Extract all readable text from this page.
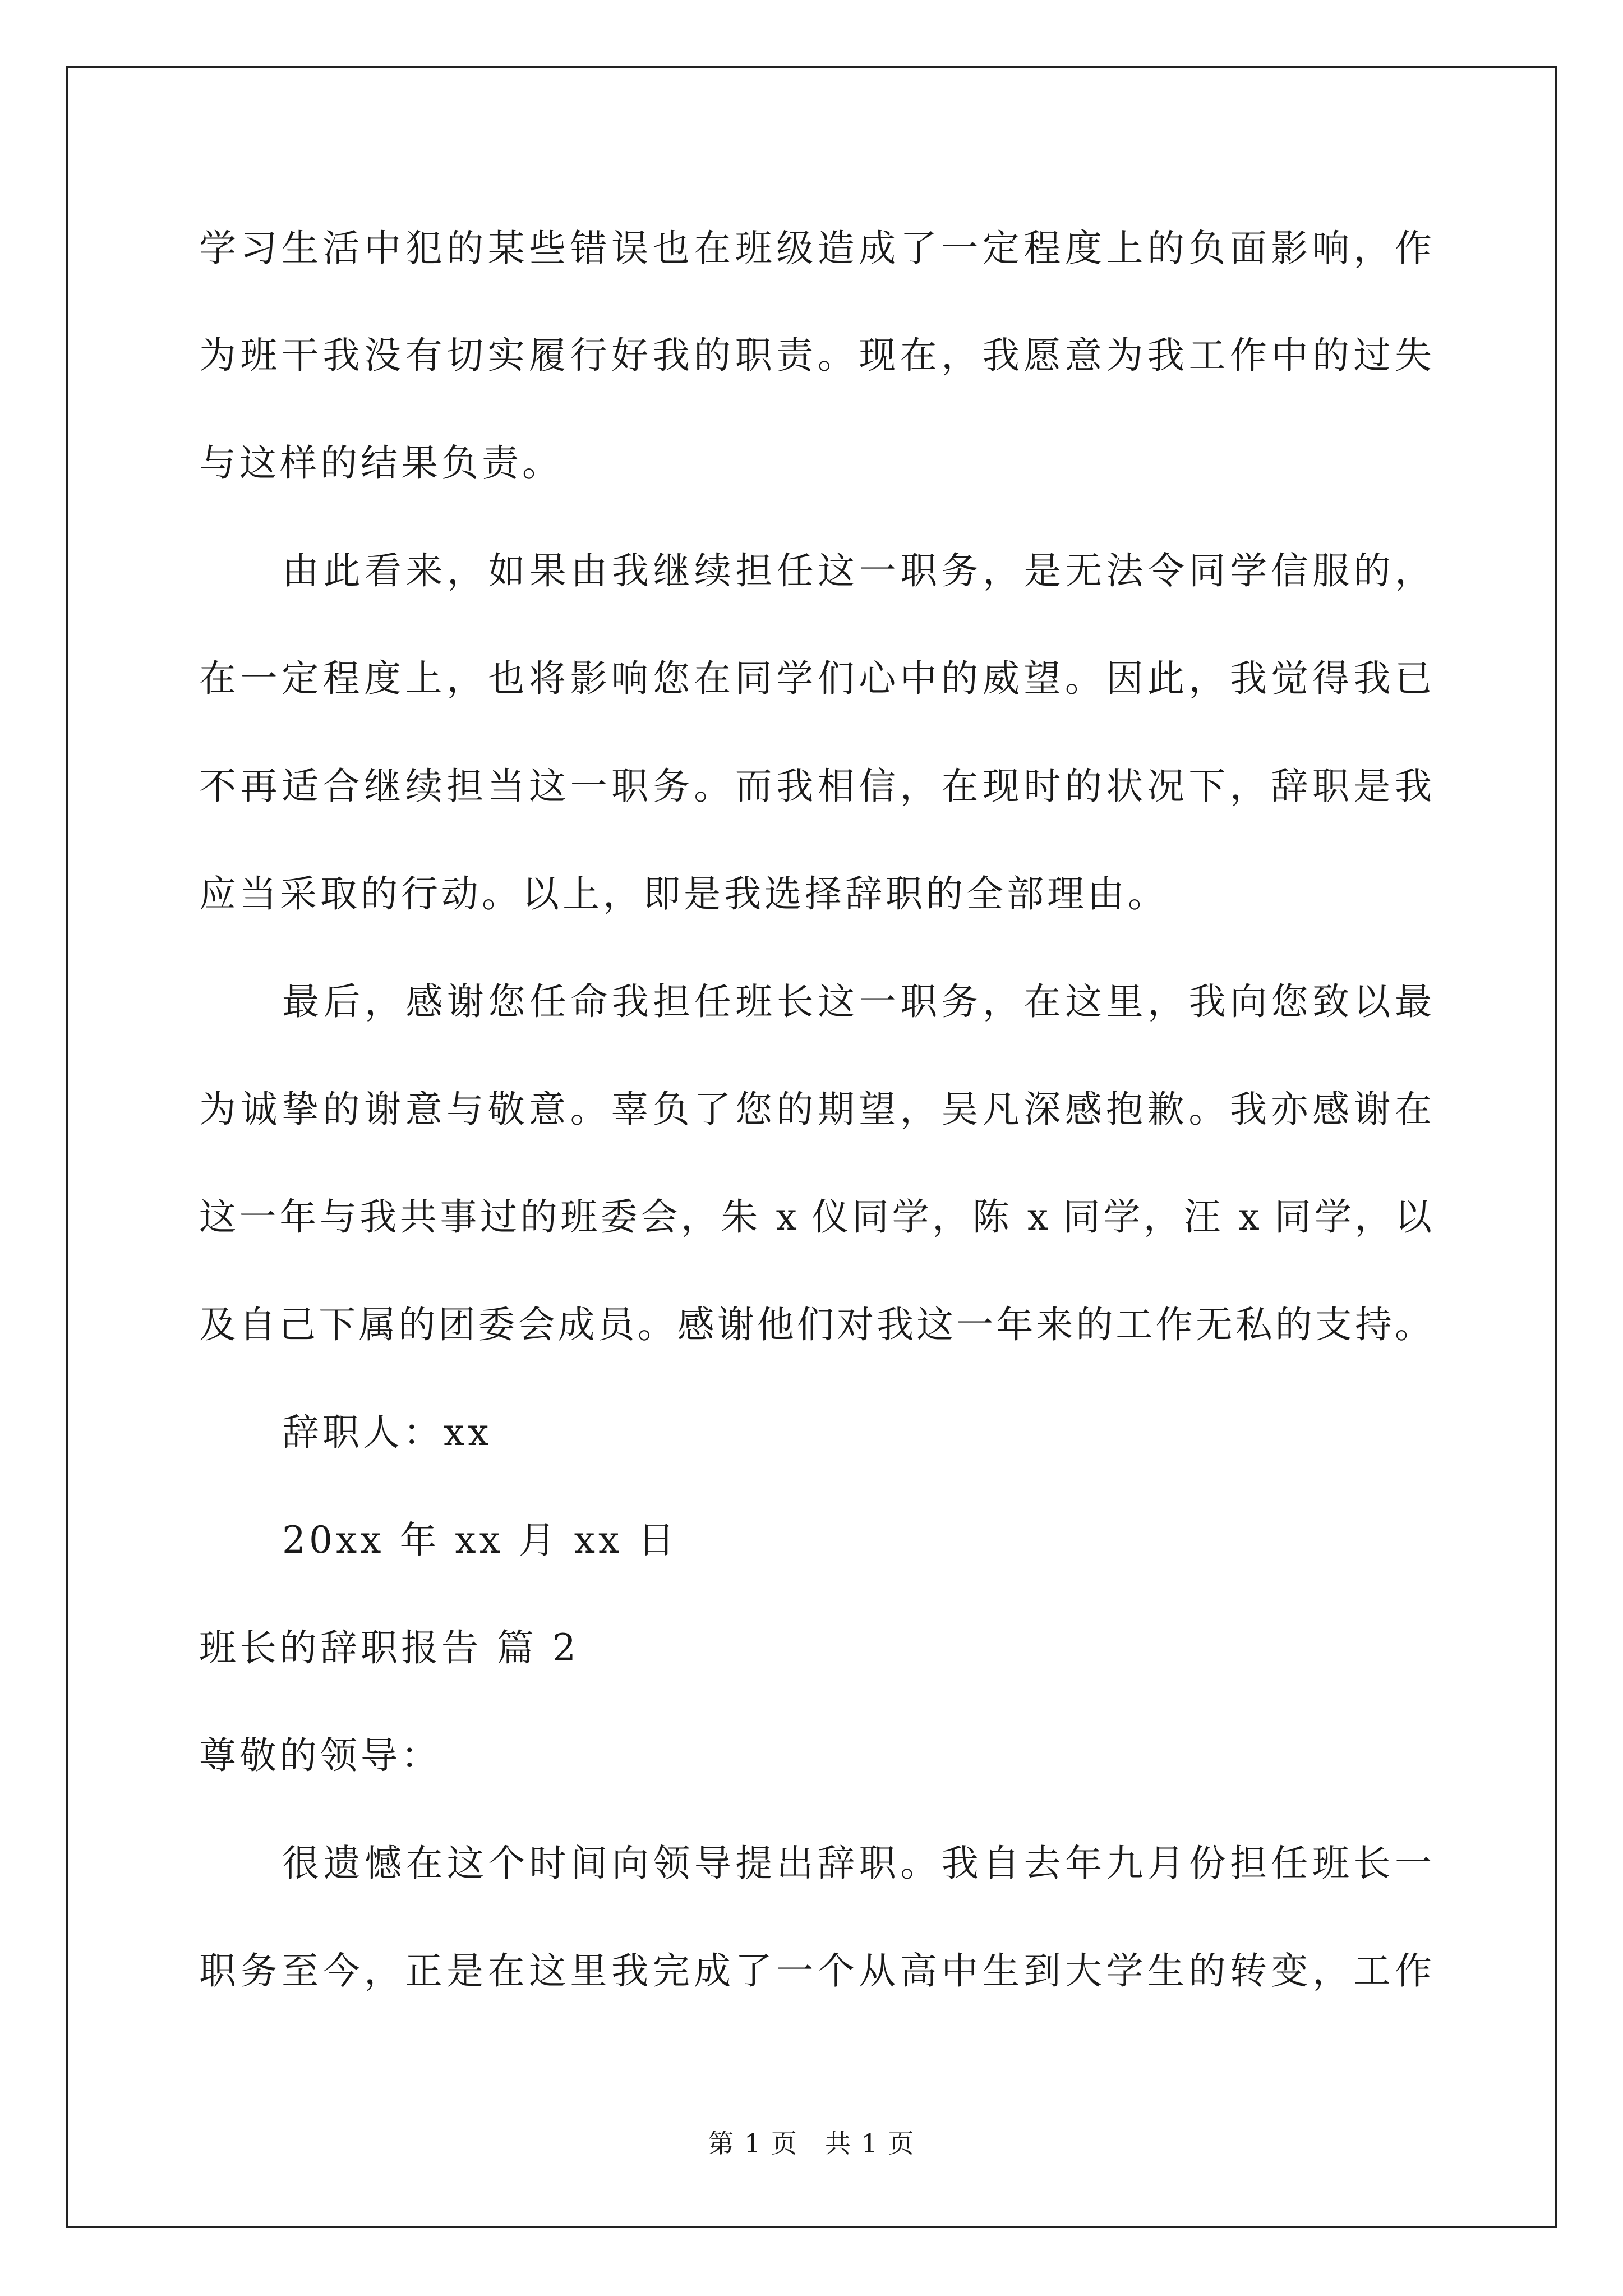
学习生活中犯的某些错误也在班级造成了一定程度上的负面影响，作
为班干我没有切实履行好我的职责。现在，我愿意为我工作中的过失
与这样的结果负责。
由此看来，如果由我继续担任这一职务，是无法令同学信服的，
在一定程度上，也将影响您在同学们心中的威望。因此，我觉得我已
不再适合继续担当这一职务。而我相信，在现时的状况下，辞职是我
应当采取的行动。以上，即是我选择辞职的全部理由。
最后，感谢您任命我担任班长这一职务，在这里，我向您致以最
为诚挚的谢意与敬意。辜负了您的期望，吴凡深感抱歉。我亦感谢在
这一年与我共事过的班委会，朱 x 仪同学，陈 x 同学，汪 x 同学，以
及自己下属的团委会成员。感谢他们对我这一年来的工作无私的支持。
辞职人：xx
20xx 年 xx 月 xx 日
班长的辞职报告 篇 2
尊敬的领导：
很遗憾在这个时间向领导提出辞职。我自去年九月份担任班长一
职务至今，正是在这里我完成了一个从高中生到大学生的转变，工作
第 1 页　共 1 页
